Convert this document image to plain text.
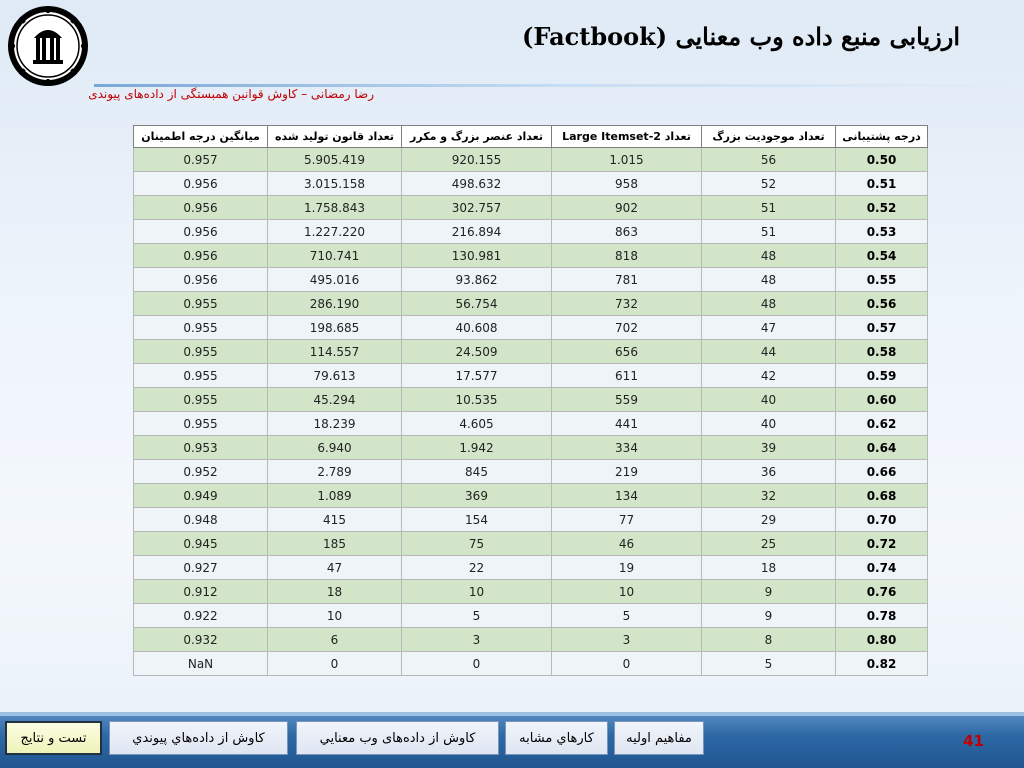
ارزيابی منبع داده وب معنايی (Factbook)
رضا رمضانی – کاوش قوانين همبستگی از داده‌های پيوندی
درجه پشتيبانی	تعداد موجوديت بزرگ	تعداد 2-Large Itemset	تعداد عنصر بزرگ و مکرر	تعداد قانون توليد شده	ميانگين درجه اطمينان
0.50	56	1.015	920.155	5.905.419	0.957
0.51	52	958	498.632	3.015.158	0.956
0.52	51	902	302.757	1.758.843	0.956
0.53	51	863	216.894	1.227.220	0.956
0.54	48	818	130.981	710.741	0.956
0.55	48	781	93.862	495.016	0.956
0.56	48	732	56.754	286.190	0.955
0.57	47	702	40.608	198.685	0.955
0.58	44	656	24.509	114.557	0.955
0.59	42	611	17.577	79.613	0.955
0.60	40	559	10.535	45.294	0.955
0.62	40	441	4.605	18.239	0.955
0.64	39	334	1.942	6.940	0.953
0.66	36	219	845	2.789	0.952
0.68	32	134	369	1.089	0.949
0.70	29	77	154	415	0.948
0.72	25	46	75	185	0.945
0.74	18	19	22	47	0.927
0.76	9	10	10	18	0.912
0.78	9	5	5	10	0.922
0.80	8	3	3	6	0.932
0.82	5	0	0	0	NaN
مفاهيم اوليه
کارهاي مشابه
کاوش از داده‌های وب معنايي
کاوش از داده‌هاي پيوندي
تست و نتايج	41
